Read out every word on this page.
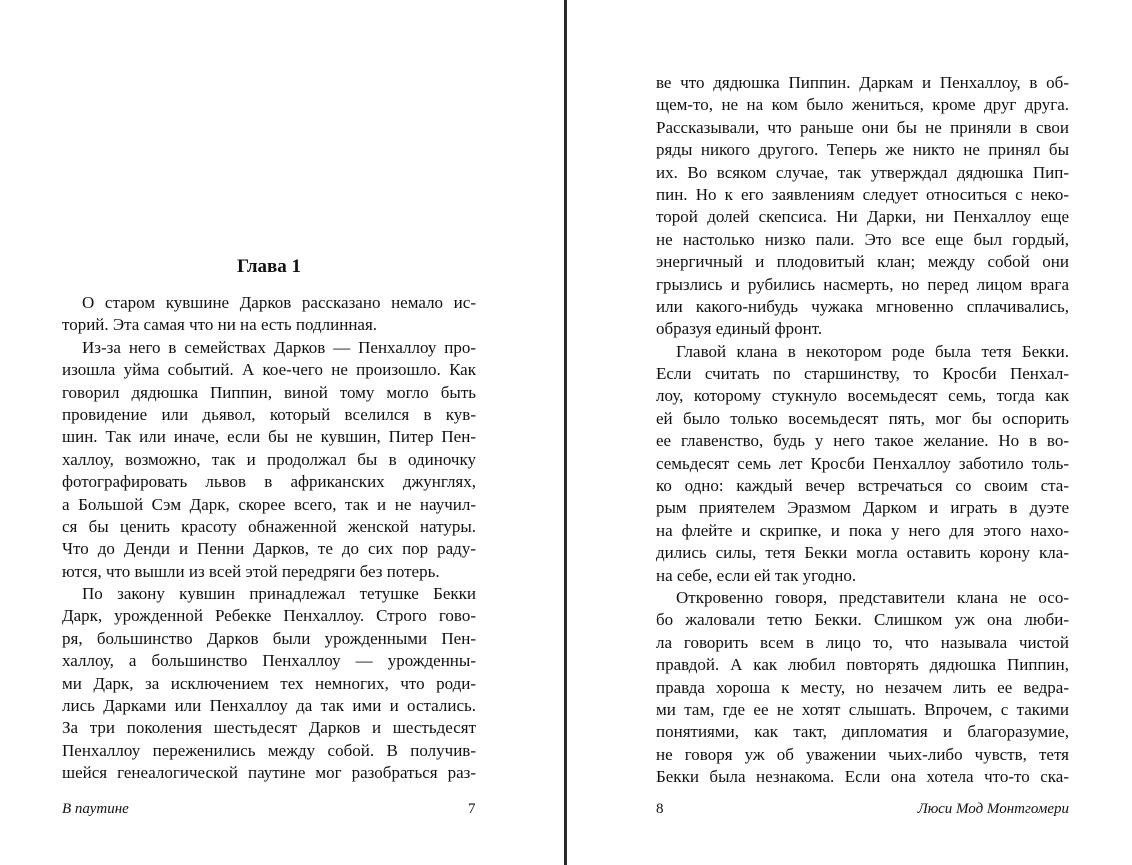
Глава 1
О старом кувшине Дарков рассказано немало ис-
торий. Эта самая что ни на есть подлинная.
Из-за него в семействах Дарков — Пенхаллоу про-
изошла уйма событий. А кое-чего не произошло. Как
говорил дядюшка Пиппин, виной тому могло быть
провидение или дьявол, который вселился в кув-
шин. Так или иначе, если бы не кувшин, Питер Пен-
халлоу, возможно, так и продолжал бы в одиночку
фотографировать львов в африканских джунглях,
а Большой Сэм Дарк, скорее всего, так и не научил-
ся бы ценить красоту обнаженной женской натуры.
Что до Денди и Пенни Дарков, те до сих пор раду-
ются, что вышли из всей этой передряги без потерь.
По закону кувшин принадлежал тетушке Бекки
Дарк, урожденной Ребекке Пенхаллоу. Строго гово-
ря, большинство Дарков были урожденными Пен-
халлоу, а большинство Пенхаллоу — урожденны-
ми Дарк, за исключением тех немногих, что роди-
лись Дарками или Пенхаллоу да так ими и остались.
За три поколения шестьдесят Дарков и шестьдесят
Пенхаллоу переженились между собой. В получив-
шейся генеалогической паутине мог разобраться раз-
В паутине	7
ве что дядюшка Пиппин. Даркам и Пенхаллоу, в об-
щем-то, не на ком было жениться, кроме друг друга.
Рассказывали, что раньше они бы не приняли в свои
ряды никого другого. Теперь же никто не принял бы
их. Во всяком случае, так утверждал дядюшка Пип-
пин. Но к его заявлениям следует относиться с неко-
торой долей скепсиса. Ни Дарки, ни Пенхаллоу еще
не настолько низко пали. Это все еще был гордый,
энергичный и плодовитый клан; между собой они
грызлись и рубились насмерть, но перед лицом врага
или какого-нибудь чужака мгновенно сплачивались,
образуя единый фронт.
Главой клана в некотором роде была тетя Бекки.
Если считать по старшинству, то Кросби Пенхал-
лоу, которому стукнуло восемьдесят семь, тогда как
ей было только восемьдесят пять, мог бы оспорить
ее главенство, будь у него такое желание. Но в во-
семьдесят семь лет Кросби Пенхаллоу заботило толь-
ко одно: каждый вечер встречаться со своим ста-
рым приятелем Эразмом Дарком и играть в дуэте
на флейте и скрипке, и пока у него для этого нахо-
дились силы, тетя Бекки могла оставить корону кла-
на себе, если ей так угодно.
Откровенно говоря, представители клана не осо-
бо жаловали тетю Бекки. Слишком уж она люби-
ла говорить всем в лицо то, что называла чистой
правдой. А как любил повторять дядюшка Пиппин,
правда хороша к месту, но незачем лить ее ведра-
ми там, где ее не хотят слышать. Впрочем, с такими
понятиями, как такт, дипломатия и благоразумие,
не говоря уж об уважении чьих-либо чувств, тетя
Бекки была незнакома. Если она хотела что-то ска-
8	Люси Мод Монтгомери
